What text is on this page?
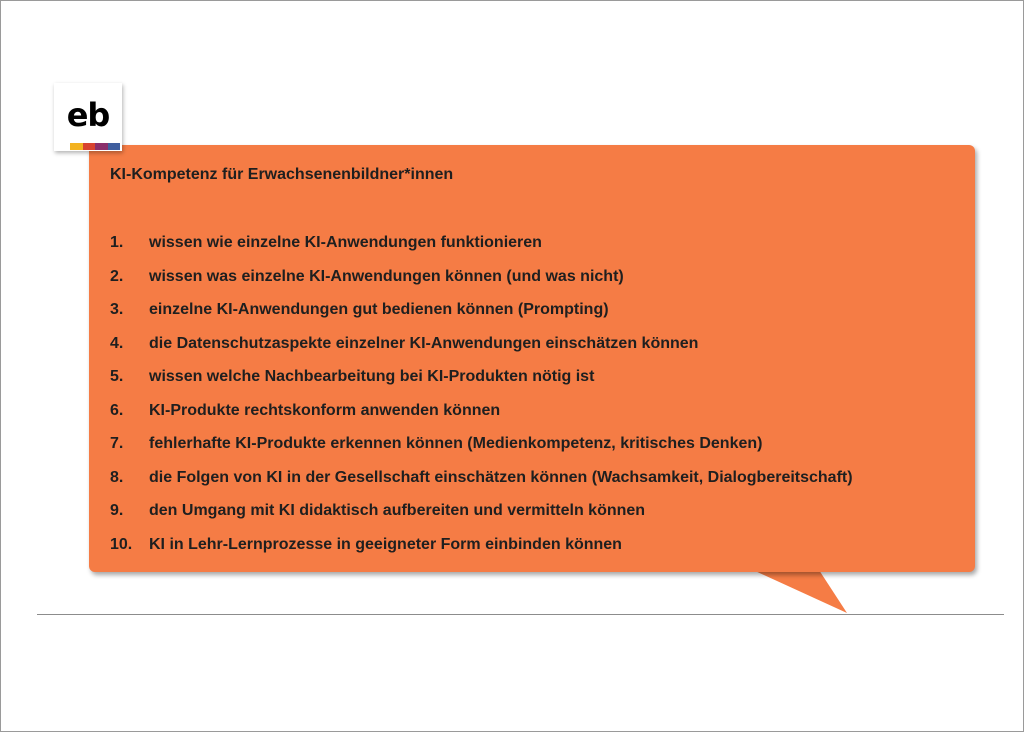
eb
KI-Kompetenz für Erwachsenenbildner*innen
1.	wissen wie einzelne KI-Anwendungen funktionieren
2.	wissen was einzelne KI-Anwendungen können (und was nicht)
3.	einzelne KI-Anwendungen gut bedienen können (Prompting)
4.	die Datenschutzaspekte einzelner KI-Anwendungen einschätzen können
5.	wissen welche Nachbearbeitung bei KI-Produkten nötig ist
6.	KI-Produkte rechtskonform anwenden können
7.	fehlerhafte KI-Produkte erkennen können (Medienkompetenz, kritisches Denken)
8.	die Folgen von KI in der Gesellschaft einschätzen können (Wachsamkeit, Dialogbereitschaft)
9.	den Umgang mit KI didaktisch aufbereiten und vermitteln können
10.	KI in Lehr-Lernprozesse in geeigneter Form einbinden können
